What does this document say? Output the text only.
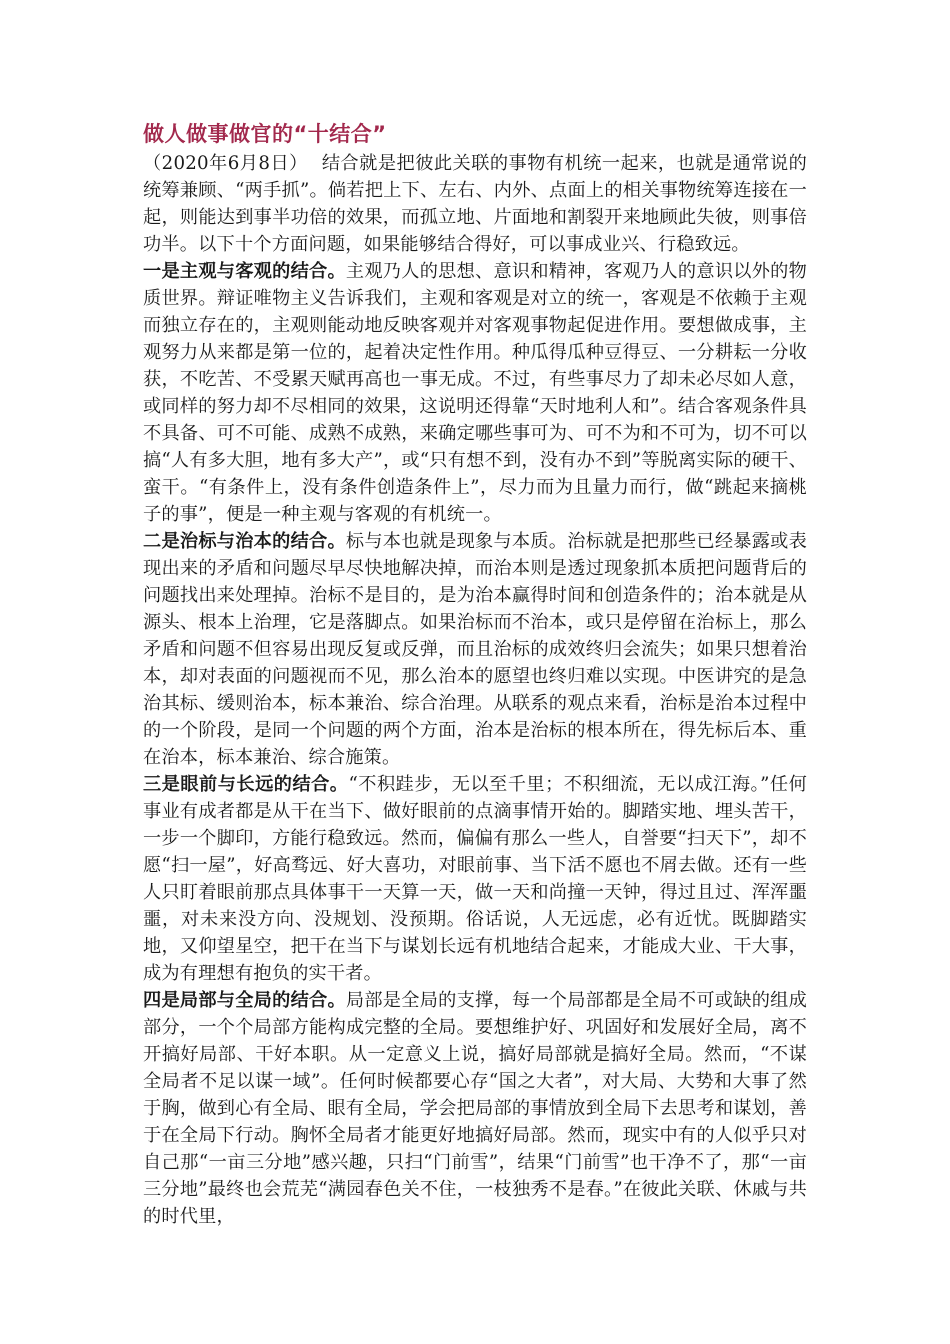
做人做事做官的“十结合”

（2020年6月8日） 结合就是把彼此关联的事物有机统一起来，也就是通常说的统筹兼顾、“两手抓”。倘若把上下、左右、内外、点面上的相关事物统筹连接在一起，则能达到事半功倍的效果，而孤立地、片面地和割裂开来地顾此失彼，则事倍功半。以下十个方面问题，如果能够结合得好，可以事成业兴、行稳致远。

一是主观与客观的结合。主观乃人的思想、意识和精神，客观乃人的意识以外的物质世界。辩证唯物主义告诉我们，主观和客观是对立的统一，客观是不依赖于主观而独立存在的，主观则能动地反映客观并对客观事物起促进作用。要想做成事，主观努力从来都是第一位的，起着决定性作用。种瓜得瓜种豆得豆、一分耕耘一分收获，不吃苦、不受累天赋再高也一事无成。不过，有些事尽力了却未必尽如人意，或同样的努力却不尽相同的效果，这说明还得靠“天时地利人和”。结合客观条件具不具备、可不可能、成熟不成熟，来确定哪些事可为、可不为和不可为，切不可以搞“人有多大胆，地有多大产”，或“只有想不到，没有办不到”等脱离实际的硬干、蛮干。“有条件上，没有条件创造条件上”，尽力而为且量力而行，做“跳起来摘桃子的事”，便是一种主观与客观的有机统一。

二是治标与治本的结合。标与本也就是现象与本质。治标就是把那些已经暴露或表现出来的矛盾和问题尽早尽快地解决掉，而治本则是透过现象抓本质把问题背后的问题找出来处理掉。治标不是目的，是为治本赢得时间和创造条件的；治本就是从源头、根本上治理，它是落脚点。如果治标而不治本，或只是停留在治标上，那么矛盾和问题不但容易出现反复或反弹，而且治标的成效终归会流失；如果只想着治本，却对表面的问题视而不见，那么治本的愿望也终归难以实现。中医讲究的是急治其标、缓则治本，标本兼治、综合治理。从联系的观点来看，治标是治本过程中的一个阶段，是同一个问题的两个方面，治本是治标的根本所在，得先标后本、重在治本，标本兼治、综合施策。

三是眼前与长远的结合。“不积跬步，无以至千里；不积细流，无以成江海。”任何事业有成者都是从干在当下、做好眼前的点滴事情开始的。脚踏实地、埋头苦干，一步一个脚印，方能行稳致远。然而，偏偏有那么一些人，自誉要“扫天下”，却不愿“扫一屋”，好高骛远、好大喜功，对眼前事、当下活不愿也不屑去做。还有一些人只盯着眼前那点具体事干一天算一天，做一天和尚撞一天钟，得过且过、浑浑噩噩，对未来没方向、没规划、没预期。俗话说，人无远虑，必有近忧。既脚踏实地，又仰望星空，把干在当下与谋划长远有机地结合起来，才能成大业、干大事，成为有理想有抱负的实干者。

四是局部与全局的结合。局部是全局的支撑，每一个局部都是全局不可或缺的组成部分，一个个局部方能构成完整的全局。要想维护好、巩固好和发展好全局，离不开搞好局部、干好本职。从一定意义上说，搞好局部就是搞好全局。然而，“不谋全局者不足以谋一域”。任何时候都要心存“国之大者”，对大局、大势和大事了然于胸，做到心有全局、眼有全局，学会把局部的事情放到全局下去思考和谋划，善于在全局下行动。胸怀全局者才能更好地搞好局部。然而，现实中有的人似乎只对自己那“一亩三分地”感兴趣，只扫“门前雪”，结果“门前雪”也干净不了，那“一亩三分地”最终也会荒芜“满园春色关不住，一枝独秀不是春。”在彼此关联、休戚与共的时代里，
